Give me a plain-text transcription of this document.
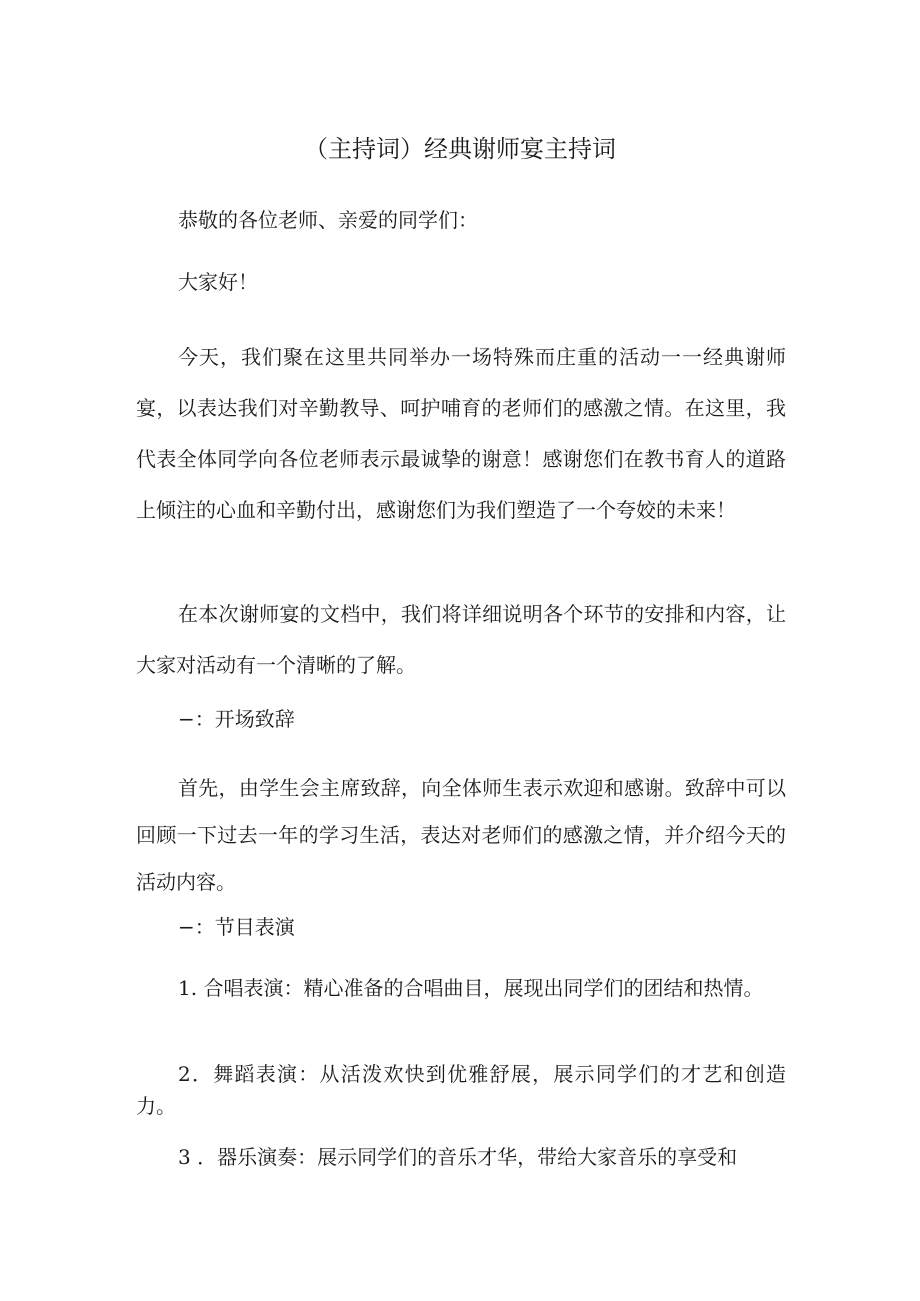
（主持词）经典谢师宴主持词

恭敬的各位老师、亲爱的同学们：

大家好！

今天，我们聚在这里共同举办一场特殊而庄重的活动一一经典谢师宴，以表达我们对辛勤教导、呵护哺育的老师们的感激之情。在这里，我代表全体同学向各位老师表示最诚挚的谢意！感谢您们在教书育人的道路上倾注的心血和辛勤付出，感谢您们为我们塑造了一个夸姣的未来！

在本次谢师宴的文档中，我们将详细说明各个环节的安排和内容，让大家对活动有一个清晰的了解。

−：开场致辞

首先，由学生会主席致辞，向全体师生表示欢迎和感谢。致辞中可以回顾一下过去一年的学习生活，表达对老师们的感激之情，并介绍今天的活动内容。

−：节目表演

1. 合唱表演：精心准备的合唱曲目，展现出同学们的团结和热情。

2．舞蹈表演：从活泼欢快到优雅舒展，展示同学们的才艺和创造力。

3 ．器乐演奏：展示同学们的音乐才华，带给大家音乐的享受和
